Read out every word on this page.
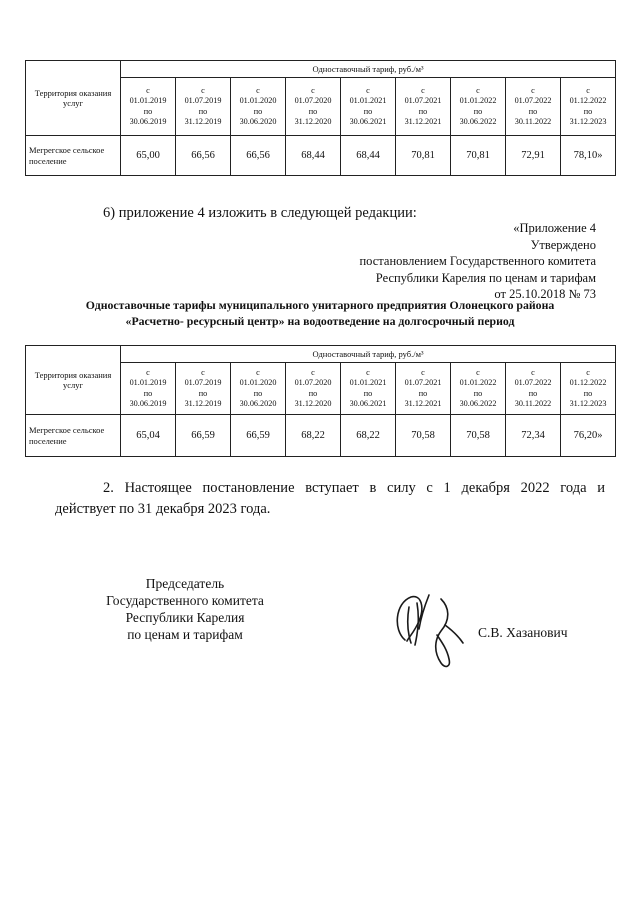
Территория оказания услуг	Одноставочный тариф, руб./м³								
	с
01.01.2019
по
30.06.2019	с
01.07.2019
по
31.12.2019	с
01.01.2020
по
30.06.2020	с
01.07.2020
по
31.12.2020	с
01.01.2021
по
30.06.2021	с
01.07.2021
по
31.12.2021	с
01.01.2022
по
30.06.2022	с
01.07.2022
по
30.11.2022	с
01.12.2022
по
31.12.2023
Мегрегское сельское поселение	65,00	66,56	66,56	68,44	68,44	70,81	70,81	72,91	78,10»
6) приложение 4 изложить в следующей редакции:
«Приложение 4
Утверждено
постановлением Государственного комитета
Республики Карелия по ценам и тарифам
от 25.10.2018 № 73
Одноставочные тарифы муниципального унитарного предприятия Олонецкого района
«Расчетно- ресурсный центр» на водоотведение на долгосрочный период
Территория оказания услуг	Одноставочный тариф, руб./м³								
	с
01.01.2019
по
30.06.2019	с
01.07.2019
по
31.12.2019	с
01.01.2020
по
30.06.2020	с
01.07.2020
по
31.12.2020	с
01.01.2021
по
30.06.2021	с
01.07.2021
по
31.12.2021	с
01.01.2022
по
30.06.2022	с
01.07.2022
по
30.11.2022	с
01.12.2022
по
31.12.2023
Мегрегское сельское поселение	65,04	66,59	66,59	68,22	68,22	70,58	70,58	72,34	76,20»
2. Настоящее постановление вступает в силу с 1 декабря 2022 года и
действует по 31 декабря 2023 года.
Председатель
Государственного комитета
Республики Карелия
по ценам и тарифам	С.В. Хазанович
